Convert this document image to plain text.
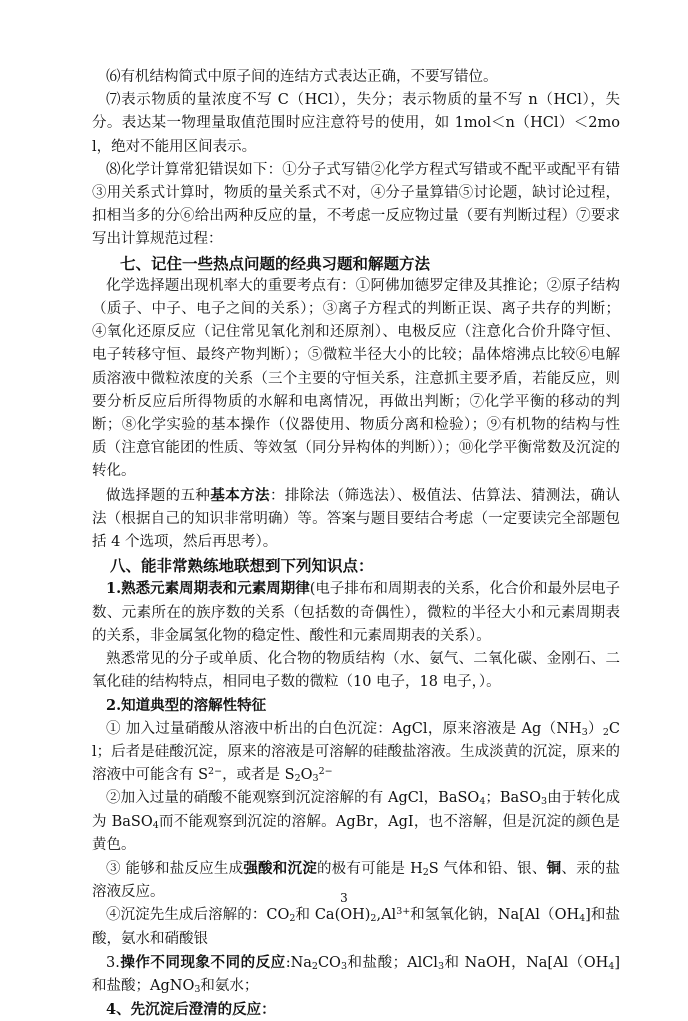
⑹有机结构简式中原子间的连结方式表达正确，不要写错位。

⑺表示物质的量浓度不写 C（HCl），失分；表示物质的量不写 n（HCl），失分。表达某一物理量取值范围时应注意符号的使用，如 1mol＜n（HCl）＜2mol，绝对不能用区间表示。

⑻化学计算常犯错误如下：①分子式写错②化学方程式写错或不配平或配平有错③用关系式计算时，物质的量关系式不对，④分子量算错⑤讨论题，缺讨论过程，扣相当多的分⑥给出两种反应的量，不考虑一反应物过量（要有判断过程）⑦要求写出计算规范过程：

七、记住一些热点问题的经典习题和解题方法

化学选择题出现机率大的重要考点有：①阿佛加德罗定律及其推论；②原子结构（质子、中子、电子之间的关系）；③离子方程式的判断正误、离子共存的判断；④氧化还原反应（记住常见氧化剂和还原剂）、电极反应（注意化合价升降守恒、电子转移守恒、最终产物判断）；⑤微粒半径大小的比较；晶体熔沸点比较⑥电解质溶液中微粒浓度的关系（三个主要的守恒关系，注意抓主要矛盾，若能反应，则要分析反应后所得物质的水解和电离情况，再做出判断；⑦化学平衡的移动的判断；⑧化学实验的基本操作（仪器使用、物质分离和检验）；⑨有机物的结构与性质（注意官能团的性质、等效氢（同分异构体的判断））；⑩化学平衡常数及沉淀的转化。

做选择题的五种基本方法：排除法（筛选法）、极值法、估算法、猜测法，确认法（根据自己的知识非常明确）等。答案与题目要结合考虑（一定要读完全部题包括 4 个选项，然后再思考）。

八、能非常熟练地联想到下列知识点：

1.熟悉元素周期表和元素周期律(电子排布和周期表的关系，化合价和最外层电子数、元素所在的族序数的关系（包括数的奇偶性），微粒的半径大小和元素周期表的关系，非金属氢化物的稳定性、酸性和元素周期表的关系）。

熟悉常见的分子或单质、化合物的物质结构（水、氨气、二氧化碳、金刚石、二氧化硅的结构特点，相同电子数的微粒（10 电子，18 电子，）。

2.知道典型的溶解性特征

① 加入过量硝酸从溶液中析出的白色沉淀：AgCl，原来溶液是 $Ag(NH_3)_2Cl$；后者是硅酸沉淀，原来的溶液是可溶解的硅酸盐溶液。生成淡黄的沉淀，原来的溶液中可能含有 $S^{2-}$，或者是 $S_2O_3^{2-}$

②加入过量的硝酸不能观察到沉淀溶解的有 AgCl，BaSO$_4$；BaSO$_3$由于转化成为 BaSO$_4$而不能观察到沉淀的溶解。AgBr，AgI，也不溶解，但是沉淀的颜色是黄色。

③ 能够和盐反应生成强酸和沉淀的极有可能是 $H_2S$ 气体和铅、银、铜、汞的盐溶液反应。

④沉淀先生成后溶解的：$CO_2$和 $Ca(OH)_2,Al^{3+}$和氢氧化钠，$Na[Al(OH_4]$和盐酸，氨水和硝酸银

3.操作不同现象不同的反应$:Na_2CO_3$和盐酸；AlCl$_3$和 NaOH，$Na[Al(OH_4]$和盐酸；AgNO$_3$和氨水；

4、先沉淀后澄清的反应：

3
